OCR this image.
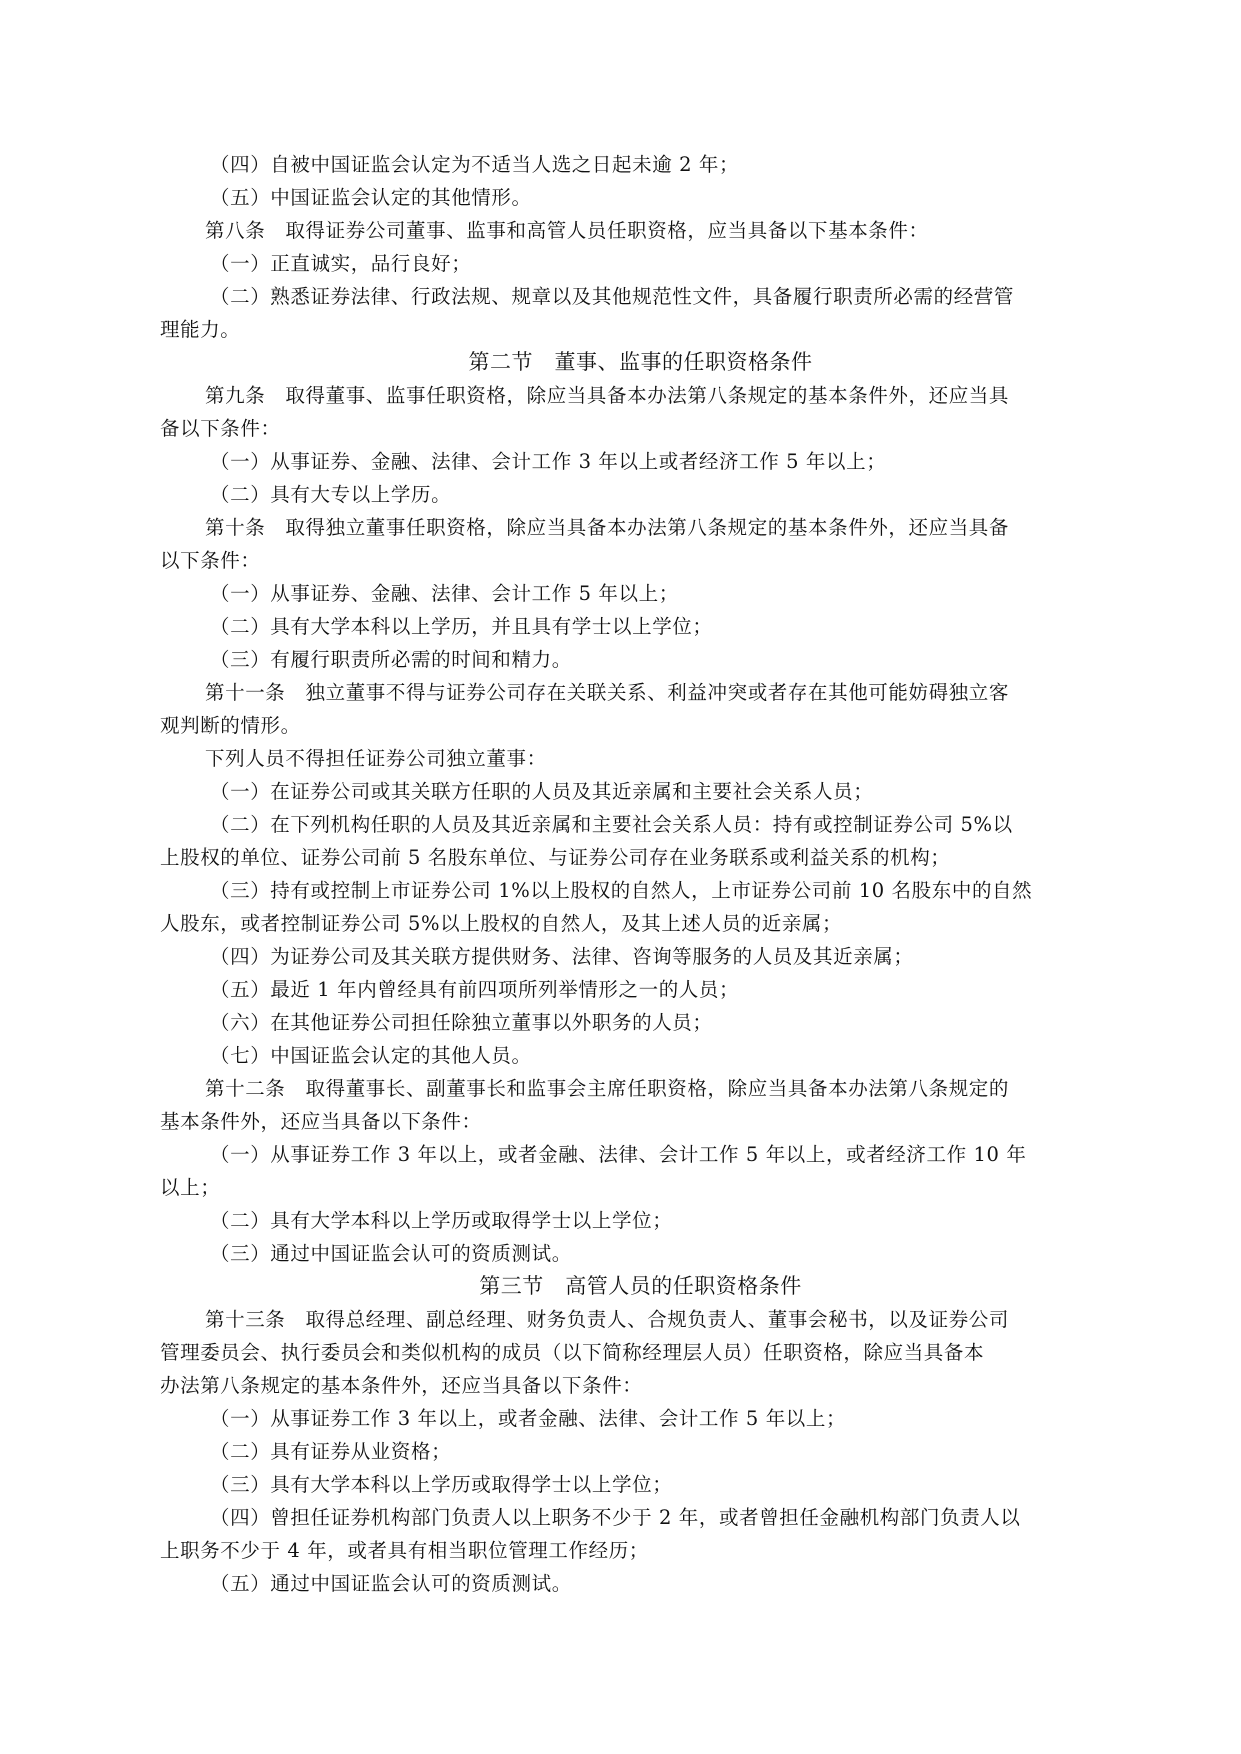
（四）自被中国证监会认定为不适当人选之日起未逾 2 年；

（五）中国证监会认定的其他情形。

第八条　取得证券公司董事、监事和高管人员任职资格，应当具备以下基本条件：

（一）正直诚实，品行良好；

（二）熟悉证券法律、行政法规、规章以及其他规范性文件，具备履行职责所必需的经营管

理能力。

第二节　董事、监事的任职资格条件

第九条　取得董事、监事任职资格，除应当具备本办法第八条规定的基本条件外，还应当具

备以下条件：

（一）从事证券、金融、法律、会计工作 3 年以上或者经济工作 5 年以上；

（二）具有大专以上学历。

第十条　取得独立董事任职资格，除应当具备本办法第八条规定的基本条件外，还应当具备

以下条件：

（一）从事证券、金融、法律、会计工作 5 年以上；

（二）具有大学本科以上学历，并且具有学士以上学位；

（三）有履行职责所必需的时间和精力。

第十一条　独立董事不得与证券公司存在关联关系、利益冲突或者存在其他可能妨碍独立客

观判断的情形。

下列人员不得担任证券公司独立董事：

（一）在证券公司或其关联方任职的人员及其近亲属和主要社会关系人员；

（二）在下列机构任职的人员及其近亲属和主要社会关系人员：持有或控制证券公司 5%以

上股权的单位、证券公司前 5 名股东单位、与证券公司存在业务联系或利益关系的机构；

（三）持有或控制上市证券公司 1%以上股权的自然人，上市证券公司前 10 名股东中的自然

人股东，或者控制证券公司 5%以上股权的自然人，及其上述人员的近亲属；

（四）为证券公司及其关联方提供财务、法律、咨询等服务的人员及其近亲属；

（五）最近 1 年内曾经具有前四项所列举情形之一的人员；

（六）在其他证券公司担任除独立董事以外职务的人员；

（七）中国证监会认定的其他人员。

第十二条　取得董事长、副董事长和监事会主席任职资格，除应当具备本办法第八条规定的

基本条件外，还应当具备以下条件：

（一）从事证券工作 3 年以上，或者金融、法律、会计工作 5 年以上，或者经济工作 10 年

以上；

（二）具有大学本科以上学历或取得学士以上学位；

（三）通过中国证监会认可的资质测试。

第三节　高管人员的任职资格条件

第十三条　取得总经理、副总经理、财务负责人、合规负责人、董事会秘书，以及证券公司

管理委员会、执行委员会和类似机构的成员（以下简称经理层人员）任职资格，除应当具备本

办法第八条规定的基本条件外，还应当具备以下条件：

（一）从事证券工作 3 年以上，或者金融、法律、会计工作 5 年以上；

（二）具有证券从业资格；

（三）具有大学本科以上学历或取得学士以上学位；

（四）曾担任证券机构部门负责人以上职务不少于 2 年，或者曾担任金融机构部门负责人以

上职务不少于 4 年，或者具有相当职位管理工作经历；

（五）通过中国证监会认可的资质测试。
